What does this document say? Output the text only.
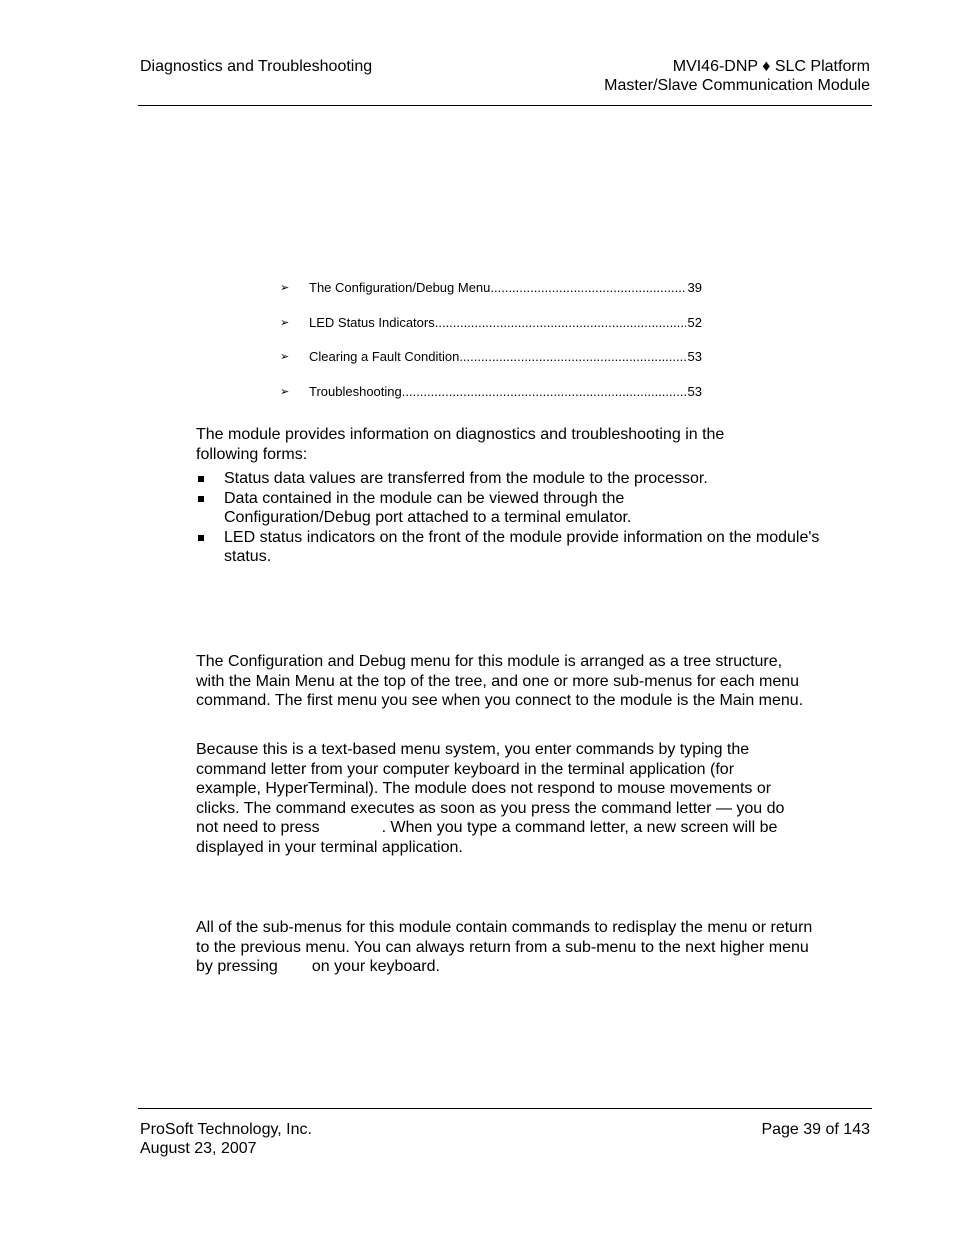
Diagnostics and Troubleshooting	MVI46-DNP ♦ SLC Platform
Master/Slave Communication Module
➢ The Configuration/Debug Menu .....	39
➢ LED Status Indicators .....	52
➢ Clearing a Fault Condition .....	53
➢ Troubleshooting .....	53
The module provides information on diagnostics and troubleshooting in the following forms:

Status data values are transferred from the module to the processor.

Data contained in the module can be viewed through the Configuration/Debug port attached to a terminal emulator.

LED status indicators on the front of the module provide information on the module's status.

The Configuration and Debug menu for this module is arranged as a tree structure, with the Main Menu at the top of the tree, and one or more sub-menus for each menu command. The first menu you see when you connect to the module is the Main menu.
Because this is a text-based menu system, you enter commands by typing the command letter from your computer keyboard in the terminal application (for example, HyperTerminal). The module does not respond to mouse movements or clicks. The command executes as soon as you press the command letter — you do not need to press	. When you type a command letter, a new screen will be displayed in your terminal application.
All of the sub-menus for this module contain commands to redisplay the menu or return to the previous menu. You can always return from a sub-menu to the next higher menu by pressing on your keyboard.
ProSoft Technology, Inc.
August 23, 2007
Page 39 of 143
